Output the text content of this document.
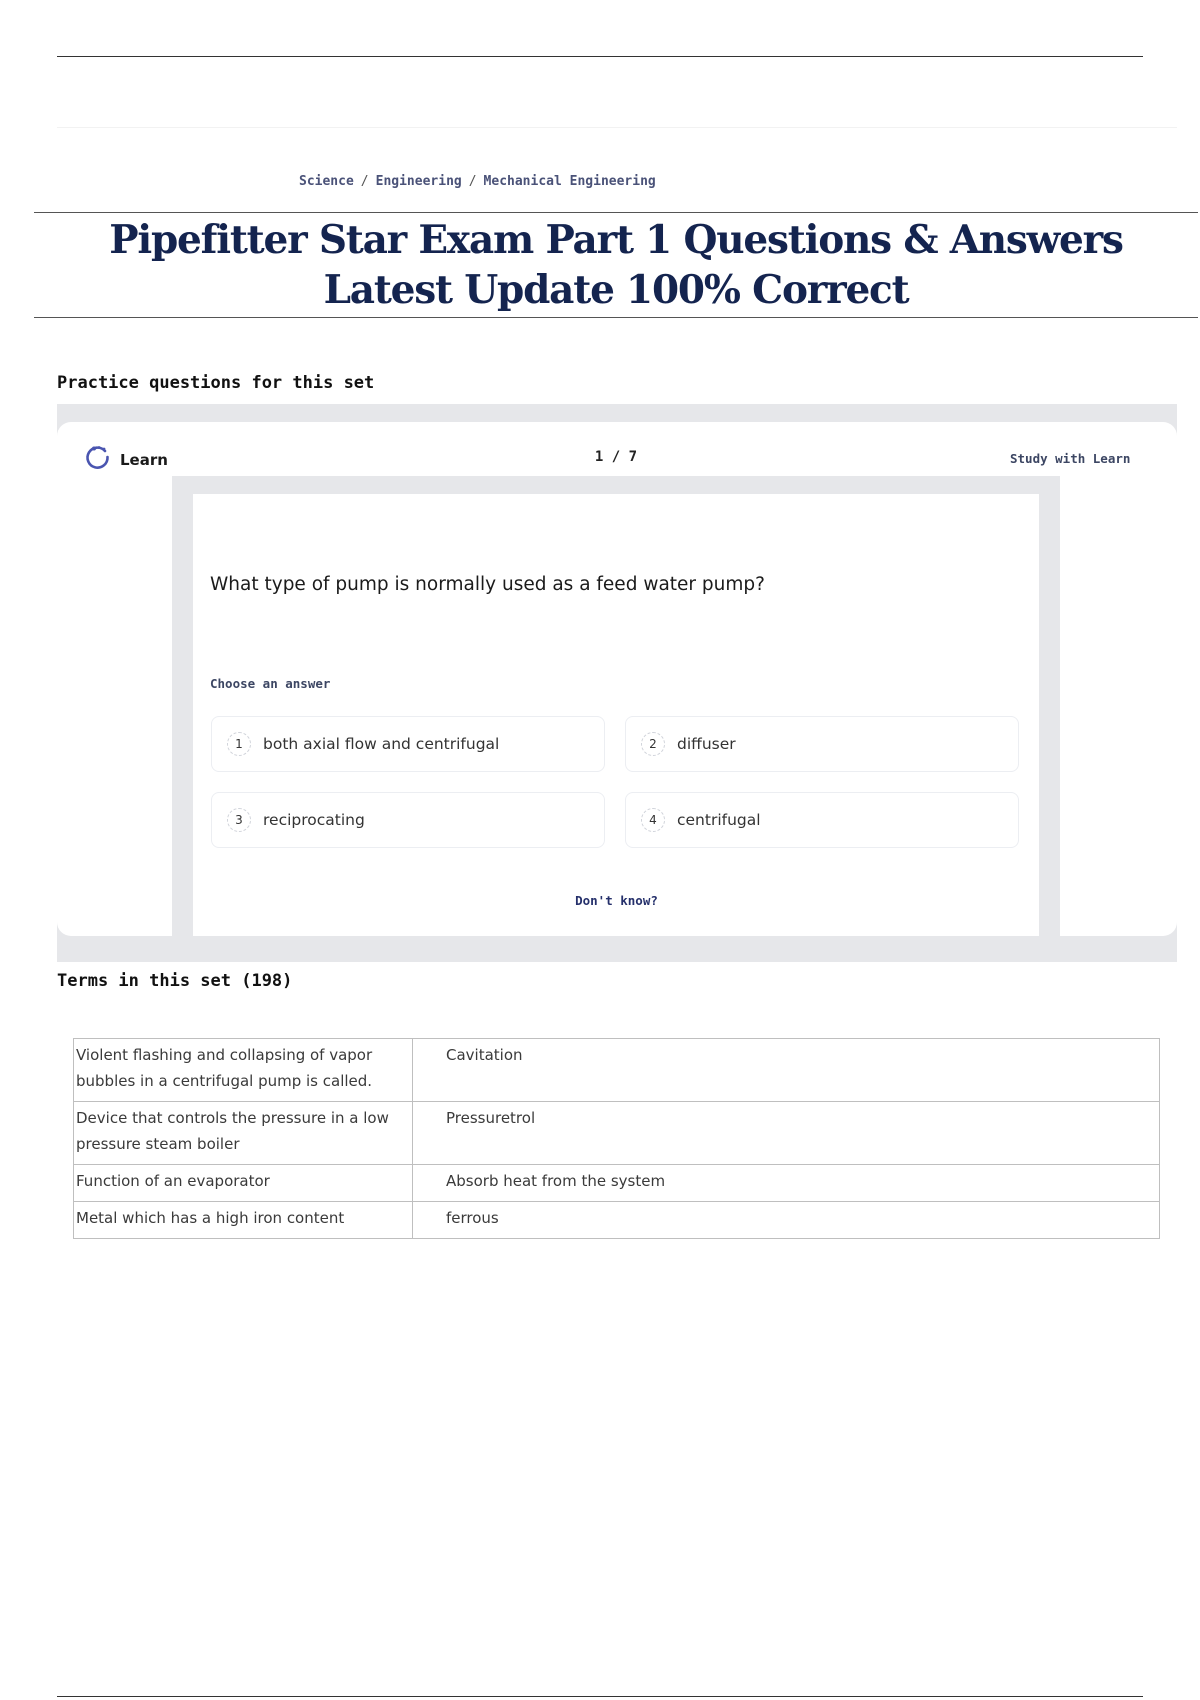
Science / Engineering / Mechanical Engineering
Pipefitter Star Exam Part 1 Questions & Answers Latest Update 100% Correct
Practice questions for this set
Learn	1 / 7	Study with Learn
What type of pump is normally used as a feed water pump?
Choose an answer
1	both axial flow and centrifugal	2	diffuser
3	reciprocating	4	centrifugal
Don't know?
Terms in this set (198)
Violent flashing and collapsing of vapor bubbles in a centrifugal pump is called.	Cavitation
Device that controls the pressure in a low pressure steam boiler	Pressuretrol
Function of an evaporator	Absorb heat from the system
Metal which has a high iron content	ferrous
